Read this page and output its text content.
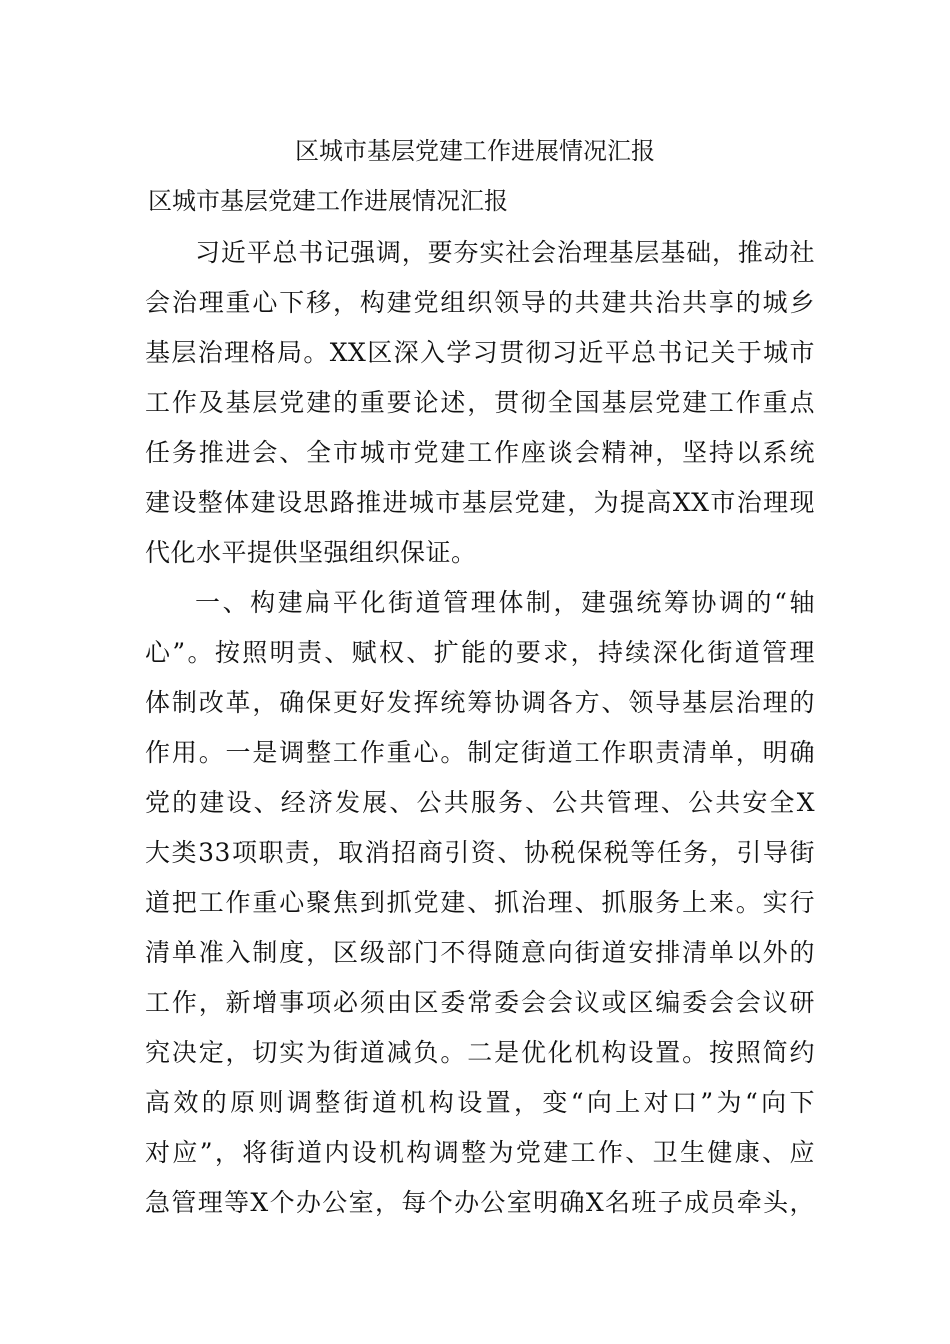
区城市基层党建工作进展情况汇报
区城市基层党建工作进展情况汇报
习近平总书记强调，要夯实社会治理基层基础，推动社
会治理重心下移，构建党组织领导的共建共治共享的城乡
基层治理格局。XX区深入学习贯彻习近平总书记关于城市
工作及基层党建的重要论述，贯彻全国基层党建工作重点
任务推进会、全市城市党建工作座谈会精神，坚持以系统
建设整体建设思路推进城市基层党建，为提高XX市治理现
代化水平提供坚强组织保证。
一、构建扁平化街道管理体制，建强统筹协调的“轴
心”。按照明责、赋权、扩能的要求，持续深化街道管理
体制改革，确保更好发挥统筹协调各方、领导基层治理的
作用。一是调整工作重心。制定街道工作职责清单，明确
党的建设、经济发展、公共服务、公共管理、公共安全X
大类33项职责，取消招商引资、协税保税等任务，引导街
道把工作重心聚焦到抓党建、抓治理、抓服务上来。实行
清单准入制度，区级部门不得随意向街道安排清单以外的
工作，新增事项必须由区委常委会会议或区编委会会议研
究决定，切实为街道减负。二是优化机构设置。按照简约
高效的原则调整街道机构设置，变“向上对口”为“向下
对应”，将街道内设机构调整为党建工作、卫生健康、应
急管理等X个办公室，每个办公室明确X名班子成员牵头，
